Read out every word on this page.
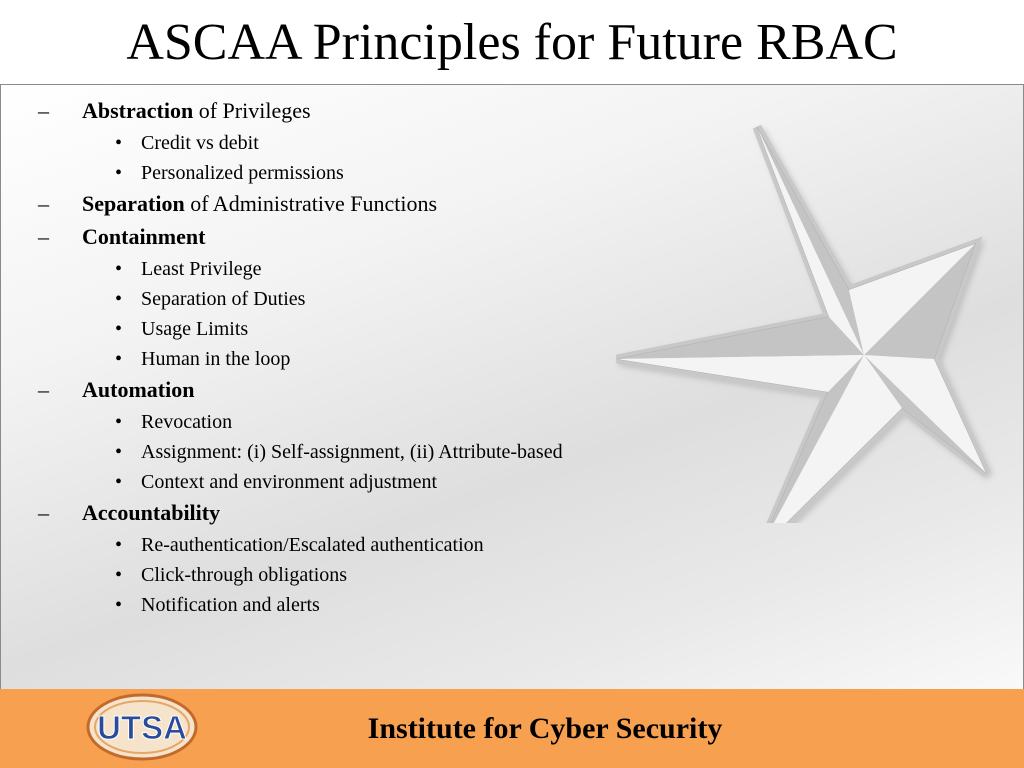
ASCAA Principles for Future RBAC
– Abstraction of Privileges
• Credit vs debit
• Personalized permissions
– Separation of Administrative Functions
– Containment
• Least Privilege
• Separation of Duties
• Usage Limits
• Human in the loop
– Automation
• Revocation
• Assignment: (i) Self-assignment, (ii) Attribute-based
• Context and environment adjustment
– Accountability
• Re-authentication/Escalated authentication
• Click-through obligations
• Notification and alerts
UTSA	Institute for Cyber Security
